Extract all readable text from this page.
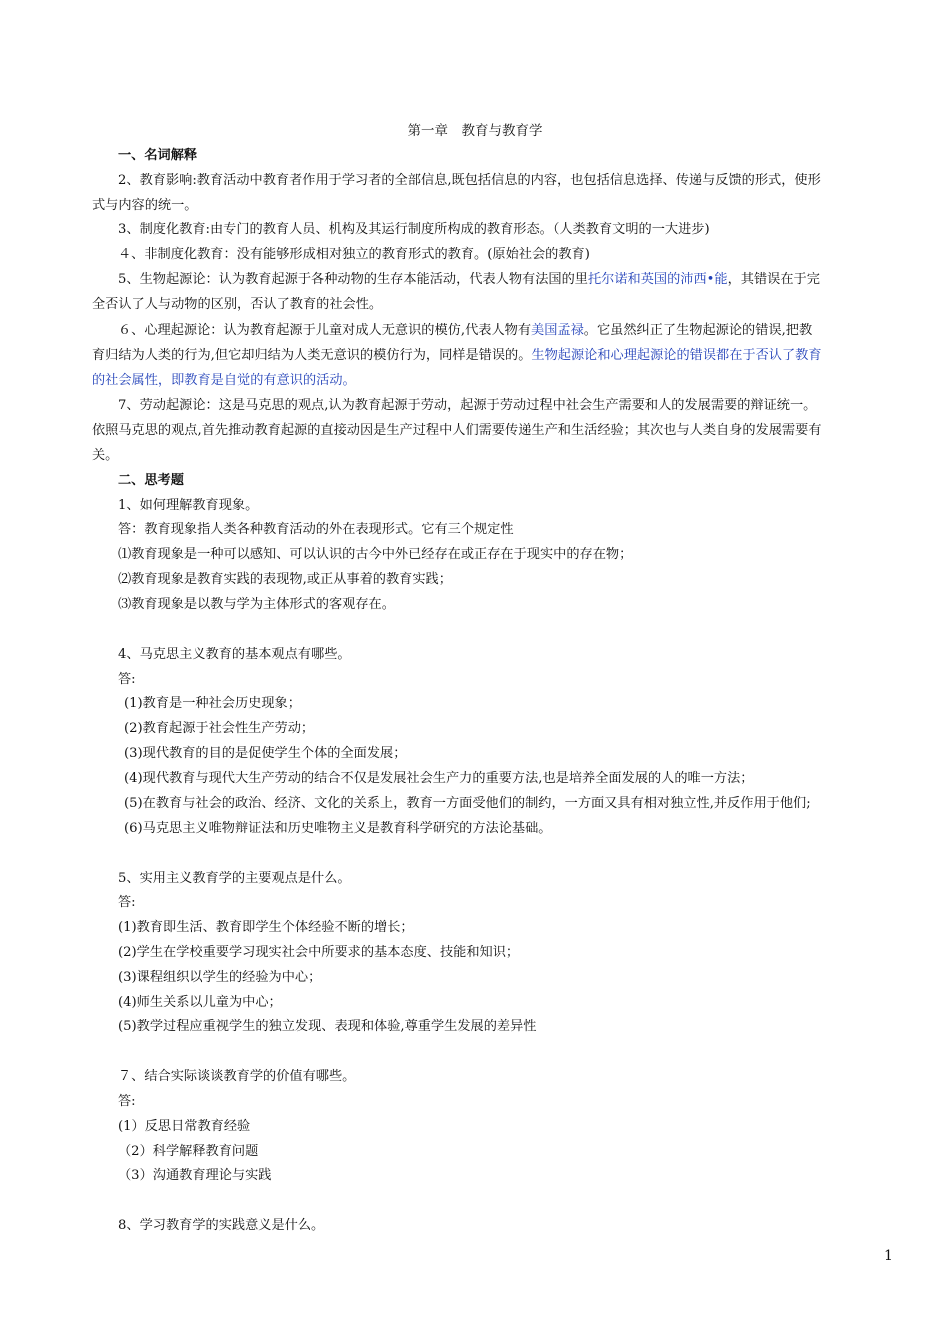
第一章　教育与教育学
一、名词解释
2、教育影响:教育活动中教育者作用于学习者的全部信息,既包括信息的内容，也包括信息选择、传递与反馈的形式，使形
式与内容的统一。
3、制度化教育:由专门的教育人员、机构及其运行制度所构成的教育形态。（人类教育文明的一大进步)
４、非制度化教育：没有能够形成相对独立的教育形式的教育。(原始社会的教育)
5、生物起源论：认为教育起源于各种动物的生存本能活动，代表人物有法国的里托尔诺和英国的沛西•能，其错误在于完
全否认了人与动物的区别，否认了教育的社会性。
６、心理起源论：认为教育起源于儿童对成人无意识的模仿,代表人物有美国孟禄。它虽然纠正了生物起源论的错误,把教
育归结为人类的行为,但它却归结为人类无意识的模仿行为，同样是错误的。生物起源论和心理起源论的错误都在于否认了教育
的社会属性，即教育是自觉的有意识的活动。
7、劳动起源论：这是马克思的观点,认为教育起源于劳动，起源于劳动过程中社会生产需要和人的发展需要的辩证统一。
依照马克思的观点,首先推动教育起源的直接动因是生产过程中人们需要传递生产和生活经验；其次也与人类自身的发展需要有
关。
二、思考题
1、如何理解教育现象。
答：教育现象指人类各种教育活动的外在表现形式。它有三个规定性
⑴教育现象是一种可以感知、可以认识的古今中外已经存在或正存在于现实中的存在物；
⑵教育现象是教育实践的表现物,或正从事着的教育实践；
⑶教育现象是以教与学为主体形式的客观存在。
4、马克思主义教育的基本观点有哪些。
答:
(1)教育是一种社会历史现象；
(2)教育起源于社会性生产劳动；
(3)现代教育的目的是促使学生个体的全面发展；
(4)现代教育与现代大生产劳动的结合不仅是发展社会生产力的重要方法,也是培养全面发展的人的唯一方法；
(5)在教育与社会的政治、经济、文化的关系上，教育一方面受他们的制约，一方面又具有相对独立性,并反作用于他们;
(6)马克思主义唯物辩证法和历史唯物主义是教育科学研究的方法论基础。
5、实用主义教育学的主要观点是什么。
答:
(1)教育即生活、教育即学生个体经验不断的增长；
(2)学生在学校重要学习现实社会中所要求的基本态度、技能和知识；
(3)课程组织以学生的经验为中心；
(4)师生关系以儿童为中心；
(5)教学过程应重视学生的独立发现、表现和体验,尊重学生发展的差异性
７、结合实际谈谈教育学的价值有哪些。
答:
(1）反思日常教育经验
（2）科学解释教育问题
（3）沟通教育理论与实践
8、学习教育学的实践意义是什么。
1
